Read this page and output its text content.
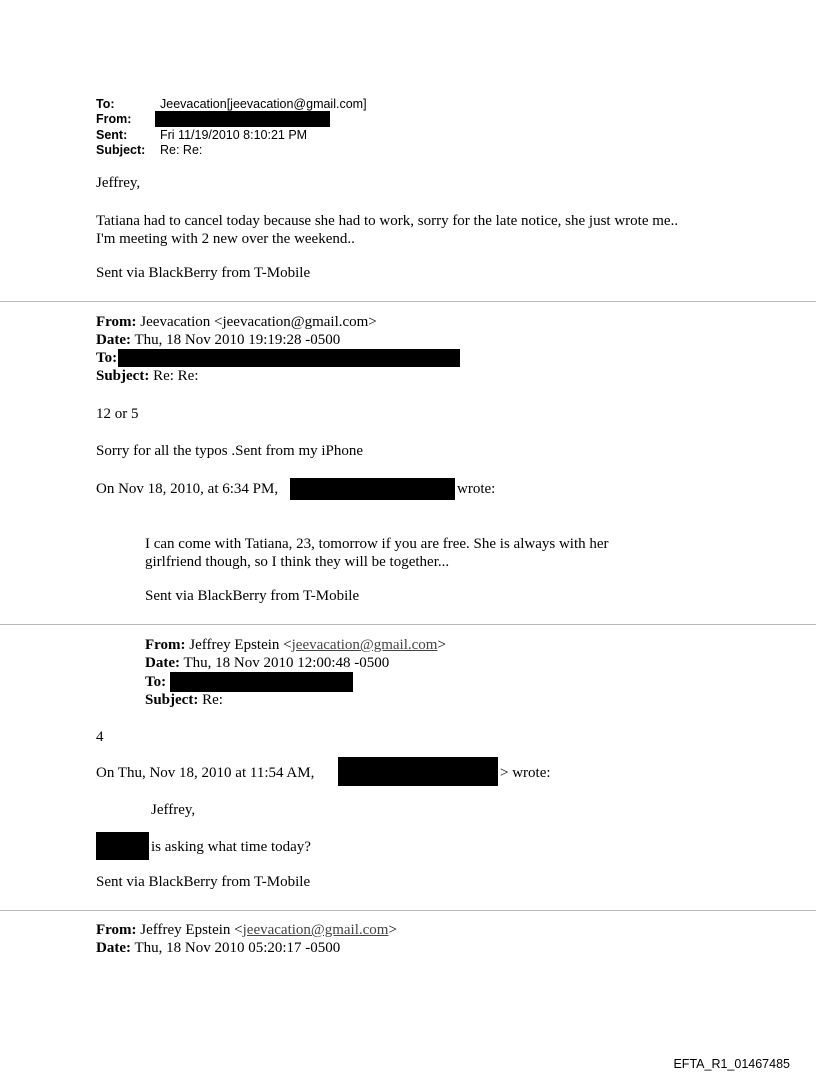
To:	Jeevacation[jeevacation@gmail.com]
From:
Sent:	Fri 11/19/2010 8:10:21 PM
Subject: Re: Re:
Jeffrey,
Tatiana had to cancel today because she had to work, sorry for the late notice, she just wrote me..
I'm meeting with 2 new over the weekend..
Sent via BlackBerry from T-Mobile
From: Jeevacation <jeevacation@gmail.com>
Date: Thu, 18 Nov 2010 19:19:28 -0500
To:
Subject: Re: Re:
12 or 5
Sorry for all the typos .Sent from my iPhone
On Nov 18, 2010, at 6:34 PM,	wrote:
I can come with Tatiana, 23, tomorrow if you are free. She is always with her
girlfriend though, so I think they will be together...
Sent via BlackBerry from T-Mobile
From: Jeffrey Epstein <jeevacation@gmail.com>
Date: Thu, 18 Nov 2010 12:00:48 -0500
To:
Subject: Re:
4
On Thu, Nov 18, 2010 at 11:54 AM,	> wrote:
Jeffrey,
is asking what time today?
Sent via BlackBerry from T-Mobile
From: Jeffrey Epstein <jeevacation@gmail.com>
Date: Thu, 18 Nov 2010 05:20:17 -0500
EFTA_R1_01467485
